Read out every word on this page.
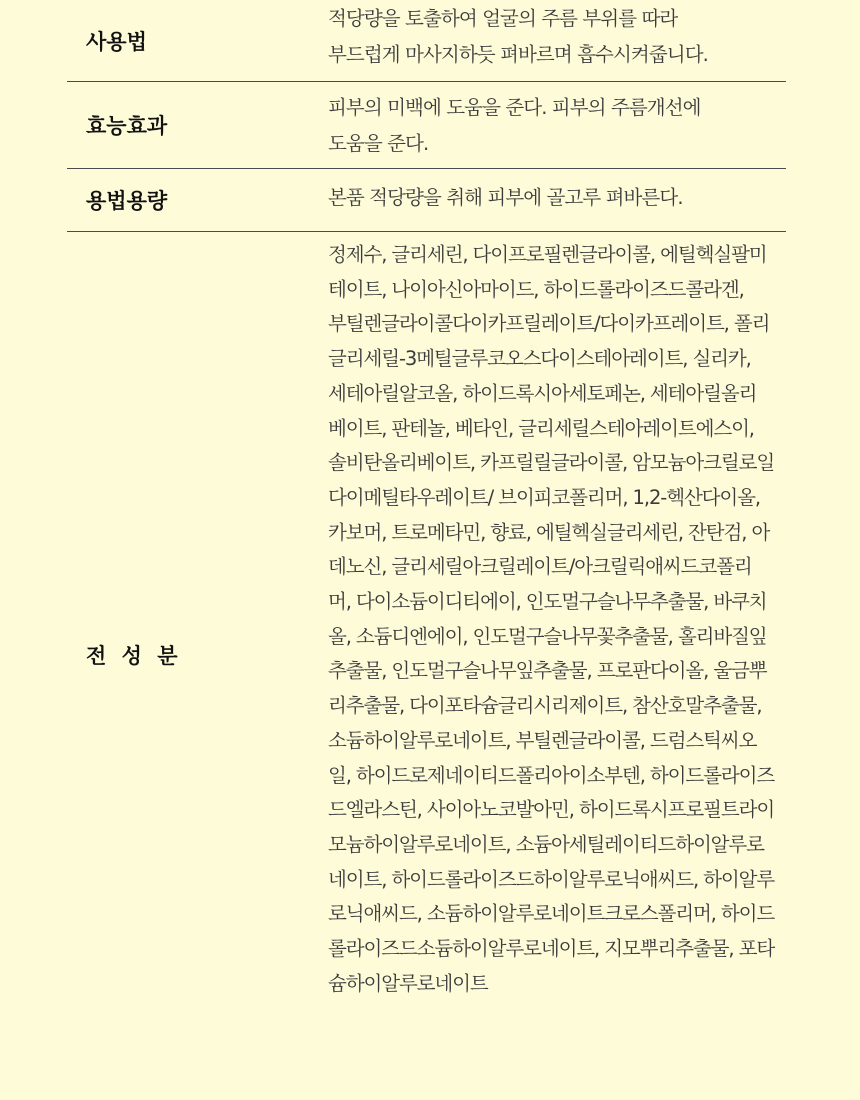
사용법
적당량을 토출하여 얼굴의 주름 부위를 따라
부드럽게 마사지하듯 펴바르며 흡수시켜줍니다.
효능효과
피부의 미백에 도움을 준다. 피부의 주름개선에
도움을 준다.
용법용량	본품 적당량을 취해 피부에 골고루 펴바른다.
전 성 분
정제수, 글리세린, 다이프로필렌글라이콜, 에틸헥실팔미
테이트, 나이아신아마이드, 하이드롤라이즈드콜라겐,
부틸렌글라이콜다이카프릴레이트/다이카프레이트, 폴리
글리세릴-3메틸글루코오스다이스테아레이트, 실리카,
세테아릴알코올, 하이드록시아세토페논, 세테아릴올리
베이트, 판테놀, 베타인, 글리세릴스테아레이트에스이,
솔비탄올리베이트, 카프릴릴글라이콜, 암모늄아크릴로일
다이메틸타우레이트/ 브이피코폴리머, 1,2-헥산다이올,
카보머, 트로메타민, 향료, 에틸헥실글리세린, 잔탄검, 아
데노신, 글리세릴아크릴레이트/아크릴릭애씨드코폴리
머, 다이소듐이디티에이, 인도멀구슬나무추출물, 바쿠치
올, 소듐디엔에이, 인도멀구슬나무꽃추출물, 홀리바질잎
추출물, 인도멀구슬나무잎추출물, 프로판다이올, 울금뿌
리추출물, 다이포타슘글리시리제이트, 참산호말추출물,
소듐하이알루로네이트, 부틸렌글라이콜, 드럼스틱씨오
일, 하이드로제네이티드폴리아이소부텐, 하이드롤라이즈
드엘라스틴, 사이아노코발아민, 하이드록시프로필트라이
모늄하이알루로네이트, 소듐아세틸레이티드하이알루로
네이트, 하이드롤라이즈드하이알루로닉애씨드, 하이알루
로닉애씨드, 소듐하이알루로네이트크로스폴리머, 하이드
롤라이즈드소듐하이알루로네이트, 지모뿌리추출물, 포타
슘하이알루로네이트
